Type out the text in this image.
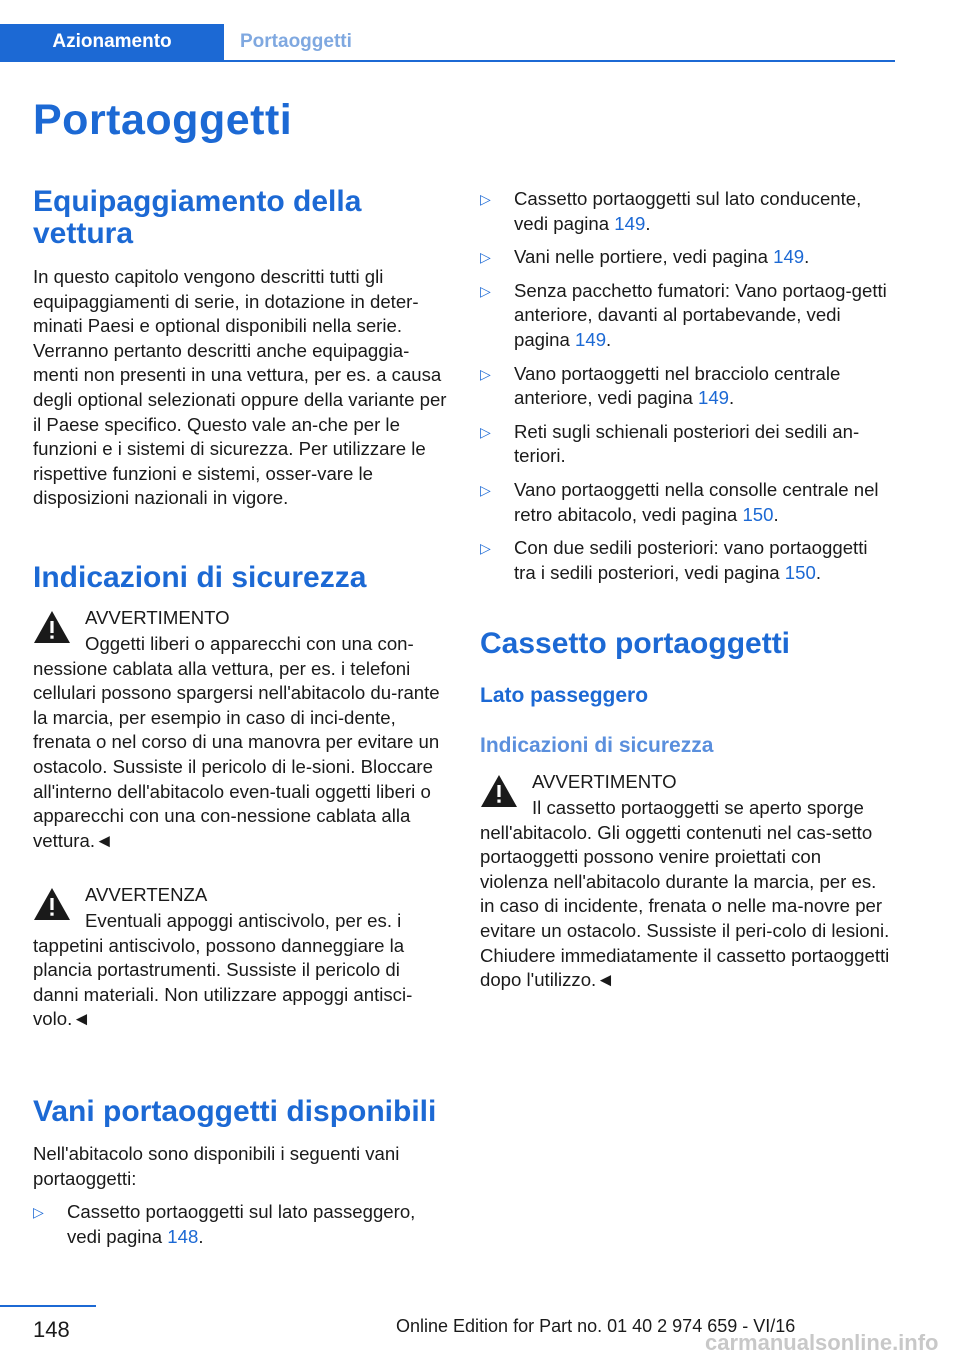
Azionamento	Portaoggetti
Portaoggetti
Equipaggiamento della vettura

In questo capitolo vengono descritti tutti gli equipaggiamenti di serie, in dotazione in deter-minati Paesi e optional disponibili nella serie. Verranno pertanto descritti anche equipaggia-menti non presenti in una vettura, per es. a causa degli optional selezionati oppure della variante per il Paese specifico. Questo vale an-che per le funzioni e i sistemi di sicurezza. Per utilizzare le rispettive funzioni e sistemi, osser-vare le disposizioni nazionali in vigore.

Indicazioni di sicurezza
AVVERTIMENTO

Oggetti liberi o apparecchi con una con-nessione cablata alla vettura, per es. i telefoni cellulari possono spargersi nell'abitacolo du-rante la marcia, per esempio in caso di inci-dente, frenata o nel corso di una manovra per evitare un ostacolo. Sussiste il pericolo di le-sioni. Bloccare all'interno dell'abitacolo even-tuali oggetti liberi o apparecchi con una con-nessione cablata alla vettura.◄

AVVERTENZA

Eventuali appoggi antiscivolo, per es. i tappetini antiscivolo, possono danneggiare la plancia portastrumenti. Sussiste il pericolo di danni materiali. Non utilizzare appoggi antisci-volo.◄

Vani portaoggetti disponibili

Nell'abitacolo sono disponibili i seguenti vani portaoggetti:

▷ Cassetto portaoggetti sul lato passeggero, vedi pagina 148.
▷ Cassetto portaoggetti sul lato conducente, vedi pagina 149.
▷ Vani nelle portiere, vedi pagina 149.
▷ Senza pacchetto fumatori: Vano portaog-getti anteriore, davanti al portabevande, vedi pagina 149.
▷ Vano portaoggetti nel bracciolo centrale anteriore, vedi pagina 149.
▷ Reti sugli schienali posteriori dei sedili an-teriori.
▷ Vano portaoggetti nella consolle centrale nel retro abitacolo, vedi pagina 150.
▷ Con due sedili posteriori: vano portaoggetti tra i sedili posteriori, vedi pagina 150.
Cassetto portaoggetti
Lato passeggero
Indicazioni di sicurezza
AVVERTIMENTO

Il cassetto portaoggetti se aperto sporge nell'abitacolo. Gli oggetti contenuti nel cas-setto portaoggetti possono venire proiettati con violenza nell'abitacolo durante la marcia, per es. in caso di incidente, frenata o nelle ma-novre per evitare un ostacolo. Sussiste il peri-colo di lesioni. Chiudere immediatamente il cassetto portaoggetti dopo l'utilizzo.◄

148	Online Edition for Part no. 01 40 2 974 659 - VI/16
carmanualsonline.info
